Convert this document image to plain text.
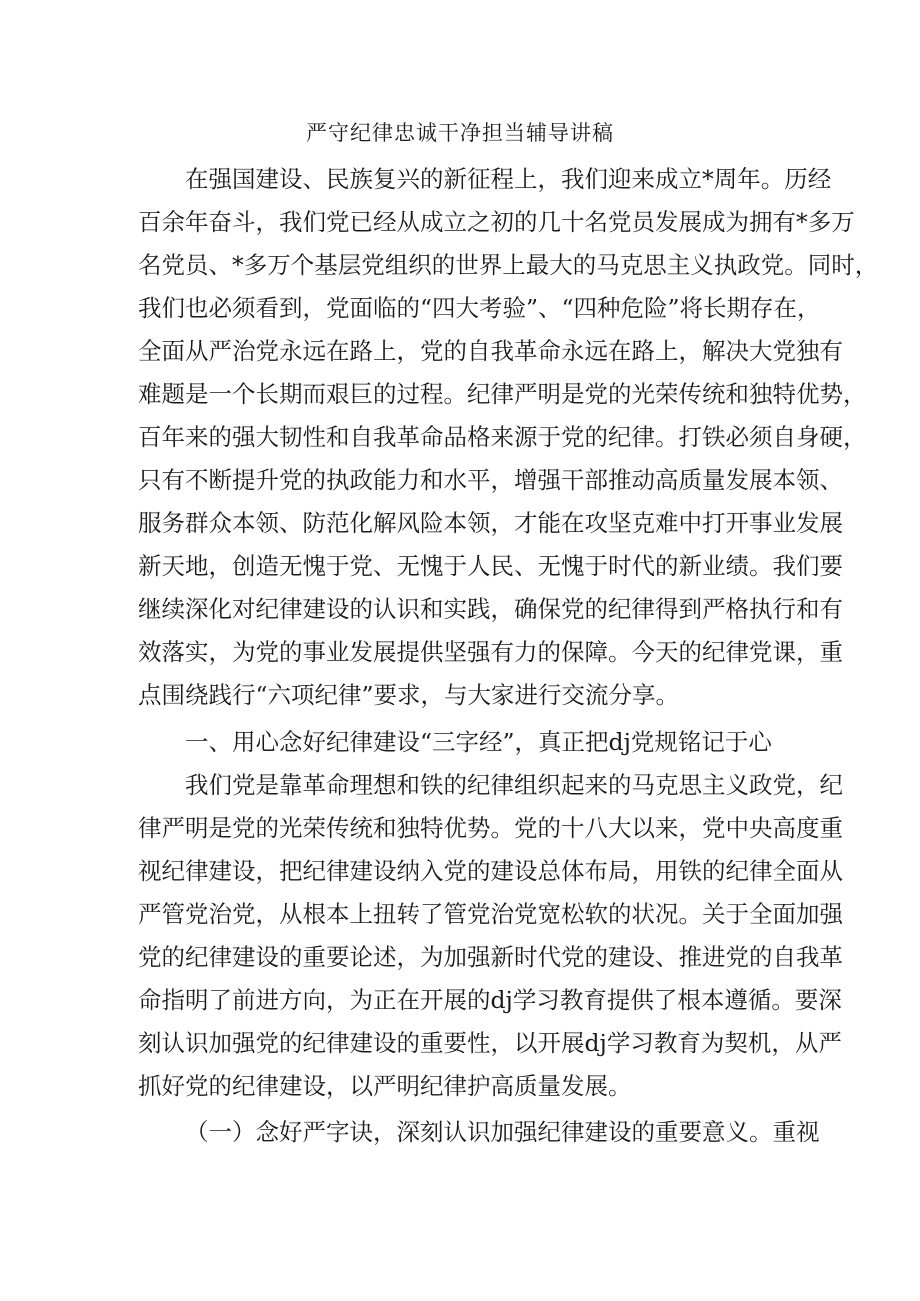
严守纪律忠诚干净担当辅导讲稿

在强国建设、民族复兴的新征程上，我们迎来成立*周年。历经

百余年奋斗，我们党已经从成立之初的几十名党员发展成为拥有*多万

名党员、*多万个基层党组织的世界上最大的马克思主义执政党。同时，

我们也必须看到，党面临的“四大考验”、“四种危险”将长期存在，

全面从严治党永远在路上，党的自我革命永远在路上，解决大党独有

难题是一个长期而艰巨的过程。纪律严明是党的光荣传统和独特优势，

百年来的强大韧性和自我革命品格来源于党的纪律。打铁必须自身硬，

只有不断提升党的执政能力和水平，增强干部推动高质量发展本领、

服务群众本领、防范化解风险本领，才能在攻坚克难中打开事业发展

新天地，创造无愧于党、无愧于人民、无愧于时代的新业绩。我们要

继续深化对纪律建设的认识和实践，确保党的纪律得到严格执行和有

效落实，为党的事业发展提供坚强有力的保障。今天的纪律党课，重

点围绕践行“六项纪律”要求，与大家进行交流分享。

一、用心念好纪律建设“三字经”，真正把dj党规铭记于心

我们党是靠革命理想和铁的纪律组织起来的马克思主义政党，纪

律严明是党的光荣传统和独特优势。党的十八大以来，党中央高度重

视纪律建设，把纪律建设纳入党的建设总体布局，用铁的纪律全面从

严管党治党，从根本上扭转了管党治党宽松软的状况。关于全面加强

党的纪律建设的重要论述，为加强新时代党的建设、推进党的自我革

命指明了前进方向，为正在开展的dj学习教育提供了根本遵循。要深

刻认识加强党的纪律建设的重要性，以开展dj学习教育为契机，从严

抓好党的纪律建设，以严明纪律护高质量发展。

（一）念好严字诀，深刻认识加强纪律建设的重要意义。重视
